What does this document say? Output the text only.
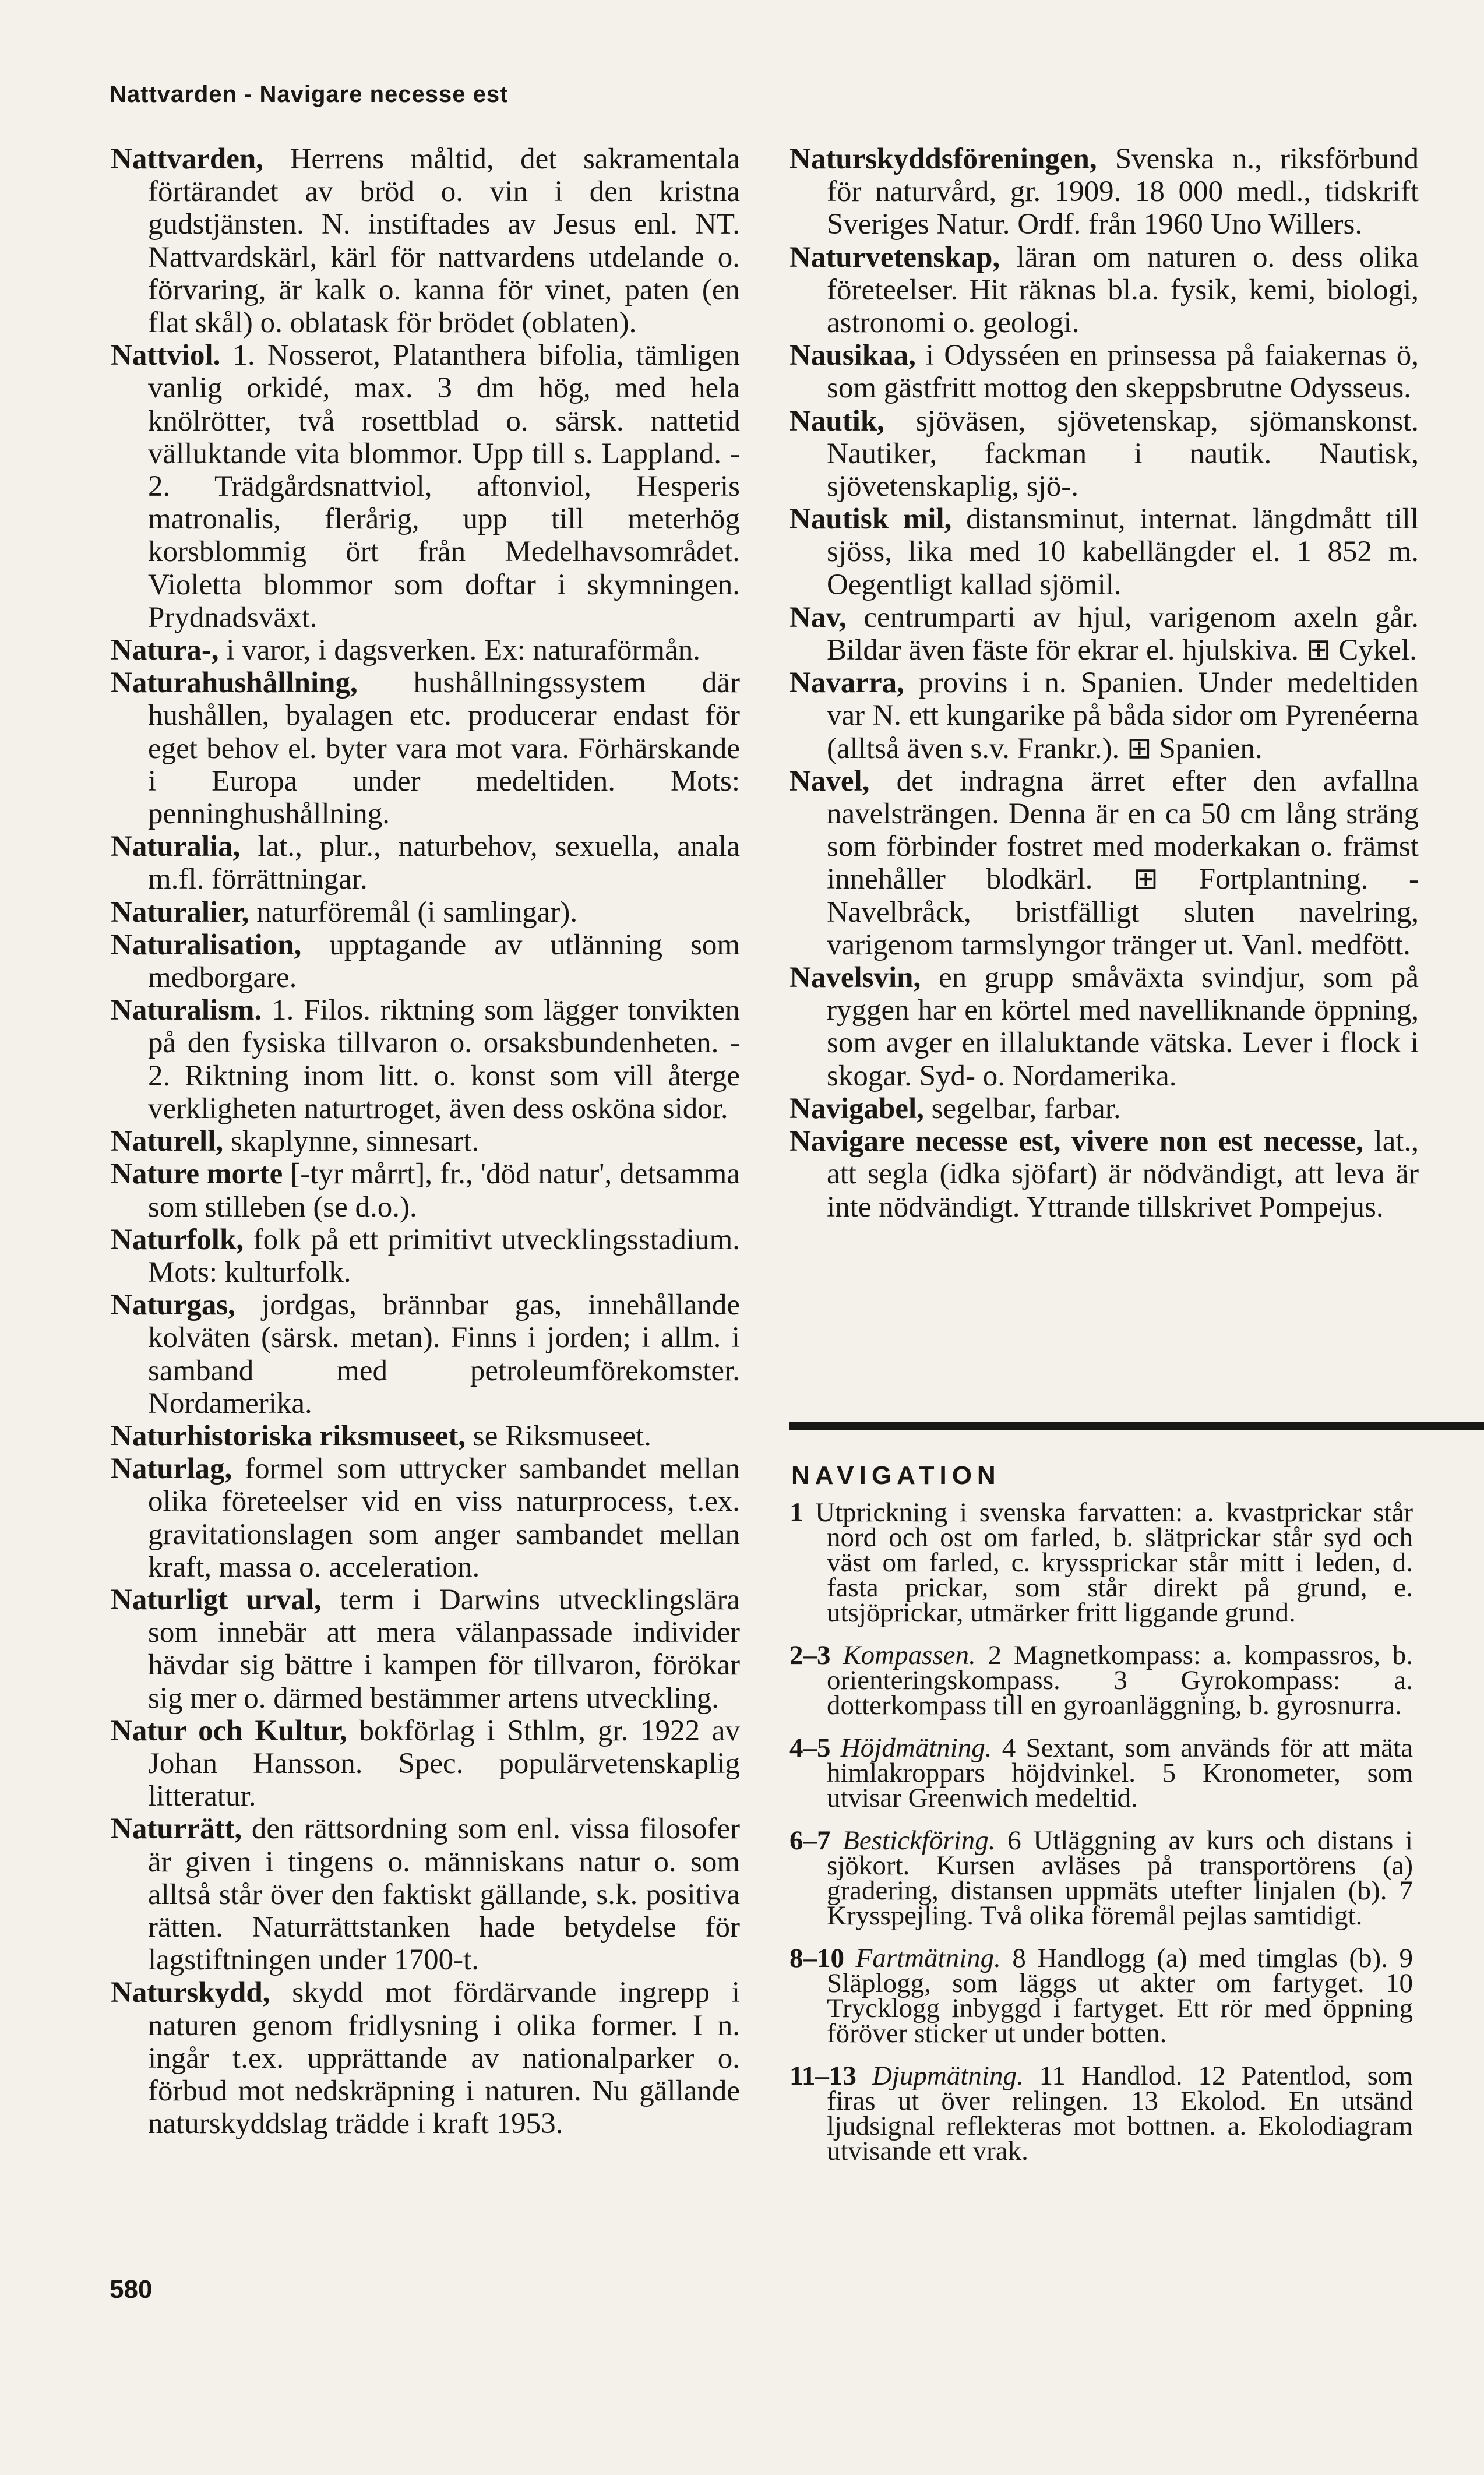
Nattvarden - Navigare necesse est

Nattvarden, Herrens måltid, det sakramentala förtärandet av bröd o. vin i den kristna gudstjänsten. N. instiftades av Jesus enl. NT. Nattvardskärl, kärl för nattvardens utdelande o. förvaring, är kalk o. kanna för vinet, paten (en flat skål) o. oblatask för brödet (oblaten).

Nattviol. 1. Nosserot, Platanthera bifolia, tämligen vanlig orkidé, max. 3 dm hög, med hela knölrötter, två rosettblad o. särsk. nattetid välluktande vita blommor. Upp till s. Lappland. - 2. Trädgårdsnattviol, aftonviol, Hesperis matronalis, flerårig, upp till meterhög korsblommig ört från Medelhavsområdet. Violetta blommor som doftar i skymningen. Prydnadsväxt.

Natura-, i varor, i dagsverken. Ex: naturaförmån.

Naturahushållning, hushållningssystem där hushållen, byalagen etc. producerar endast för eget behov el. byter vara mot vara. Förhärskande i Europa under medeltiden. Mots: penninghushållning.

Naturalia, lat., plur., naturbehov, sexuella, anala m.fl. förrättningar.

Naturalier, naturföremål (i samlingar).

Naturalisation, upptagande av utlänning som medborgare.

Naturalism. 1. Filos. riktning som lägger tonvikten på den fysiska tillvaron o. orsaksbundenheten. - 2. Riktning inom litt. o. konst som vill återge verkligheten naturtroget, även dess osköna sidor.

Naturell, skaplynne, sinnesart.

Nature morte [-tyr mårrt], fr., 'död natur', detsamma som stilleben (se d.o.).

Naturfolk, folk på ett primitivt utvecklingsstadium. Mots: kulturfolk.

Naturgas, jordgas, brännbar gas, innehållande kolväten (särsk. metan). Finns i jorden; i allm. i samband med petroleumförekomster. Nordamerika.

Naturhistoriska riksmuseet, se Riksmuseet.

Naturlag, formel som uttrycker sambandet mellan olika företeelser vid en viss naturprocess, t.ex. gravitationslagen som anger sambandet mellan kraft, massa o. acceleration.

Naturligt urval, term i Darwins utvecklingslära som innebär att mera välanpassade individer hävdar sig bättre i kampen för tillvaron, förökar sig mer o. därmed bestämmer artens utveckling.

Natur och Kultur, bokförlag i Sthlm, gr. 1922 av Johan Hansson. Spec. populärvetenskaplig litteratur.

Naturrätt, den rättsordning som enl. vissa filosofer är given i tingens o. människans natur o. som alltså står över den faktiskt gällande, s.k. positiva rätten. Naturrättstanken hade betydelse för lagstiftningen under 1700-t.

Naturskydd, skydd mot fördärvande ingrepp i naturen genom fridlysning i olika former. I n. ingår t.ex. upprättande av nationalparker o. förbud mot nedskräpning i naturen. Nu gällande naturskyddslag trädde i kraft 1953.

Naturskyddsföreningen, Svenska n., riksförbund för naturvård, gr. 1909. 18 000 medl., tidskrift Sveriges Natur. Ordf. från 1960 Uno Willers.

Naturvetenskap, läran om naturen o. dess olika företeelser. Hit räknas bl.a. fysik, kemi, biologi, astronomi o. geologi.

Nausikaa, i Odysséen en prinsessa på faiakernas ö, som gästfritt mottog den skeppsbrutne Odysseus.

Nautik, sjöväsen, sjövetenskap, sjömanskonst. Nautiker, fackman i nautik. Nautisk, sjövetenskaplig, sjö-.

Nautisk mil, distansminut, internat. längdmått till sjöss, lika med 10 kabellängder el. 1 852 m. Oegentligt kallad sjömil.

Nav, centrumparti av hjul, varigenom axeln går. Bildar även fäste för ekrar el. hjulskiva. ⊞ Cykel.

Navarra, provins i n. Spanien. Under medeltiden var N. ett kungarike på båda sidor om Pyrenéerna (alltså även s.v. Frankr.). ⊞ Spanien.

Navel, det indragna ärret efter den avfallna navelsträngen. Denna är en ca 50 cm lång sträng som förbinder fostret med moderkakan o. främst innehåller blodkärl. ⊞ Fortplantning. - Navelbråck, bristfälligt sluten navelring, varigenom tarmslyngor tränger ut. Vanl. medfött.

Navelsvin, en grupp småväxta svindjur, som på ryggen har en körtel med navelliknande öppning, som avger en illaluktande vätska. Lever i flock i skogar. Syd- o. Nordamerika.

Navigabel, segelbar, farbar.

Navigare necesse est, vivere non est necesse, lat., att segla (idka sjöfart) är nödvändigt, att leva är inte nödvändigt. Yttrande tillskrivet Pompejus.

NAVIGATION

1 Utprickning i svenska farvatten: a. kvastprickar står nord och ost om farled, b. slätprickar står syd och väst om farled, c. kryssprickar står mitt i leden, d. fasta prickar, som står direkt på grund, e. utsjöprickar, utmärker fritt liggande grund.

2–3 Kompassen. 2 Magnetkompass: a. kompassros, b. orienteringskompass. 3 Gyrokompass: a. dotterkompass till en gyroanläggning, b. gyrosnurra.

4–5 Höjdmätning. 4 Sextant, som används för att mäta himlakroppars höjdvinkel. 5 Kronometer, som utvisar Greenwich medeltid.

6–7 Bestickföring. 6 Utläggning av kurs och distans i sjökort. Kursen avläses på transportörens (a) gradering, distansen uppmäts utefter linjalen (b). 7 Krysspejling. Två olika föremål pejlas samtidigt.

8–10 Fartmätning. 8 Handlogg (a) med timglas (b). 9 Släplogg, som läggs ut akter om fartyget. 10 Trycklogg inbyggd i fartyget. Ett rör med öppning föröver sticker ut under botten.

11–13 Djupmätning. 11 Handlod. 12 Patentlod, som firas ut över relingen. 13 Ekolod. En utsänd ljudsignal reflekteras mot bottnen. a. Ekolodiagram utvisande ett vrak.

580
